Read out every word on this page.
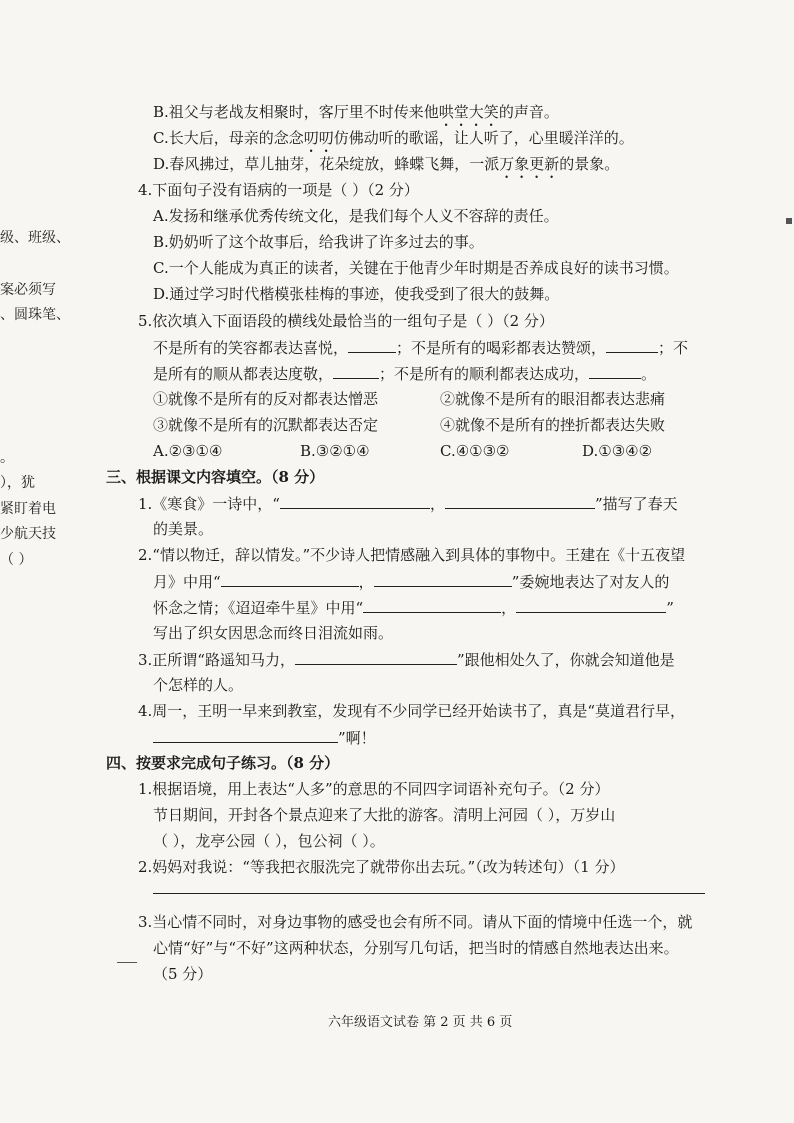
级、班级、
案必须写
、圆珠笔、
。
），犹
紧盯着电
少航天技
（ ）
B.祖父与老战友相聚时，客厅里不时传来他哄堂大笑的声音。
C.长大后，母亲的念念叨叨仿佛动听的歌谣，让人听了，心里暖洋洋的。
D.春风拂过，草儿抽芽，花朵绽放，蜂蝶飞舞，一派万象更新的景象。
4.下面句子没有语病的一项是（ ）（2 分）
A.发扬和继承优秀传统文化，是我们每个人义不容辞的责任。
B.奶奶听了这个故事后，给我讲了许多过去的事。
C.一个人能成为真正的读者，关键在于他青少年时期是否养成良好的读书习惯。
D.通过学习时代楷模张桂梅的事迹，使我受到了很大的鼓舞。
5.依次填入下面语段的横线处最恰当的一组句子是（ ）（2 分）
不是所有的笑容都表达喜悦，	；不是所有的喝彩都表达赞颂，	；不
是所有的顺从都表达度敬，	；不是所有的顺利都表达成功，	。
①就像不是所有的反对都表达憎恶	②就像不是所有的眼泪都表达悲痛
③就像不是所有的沉默都表达否定	④就像不是所有的挫折都表达失败
A.②③①④	B.③②①④	C.④①③②	D.①③④②
三、根据课文内容填空。（8 分）
1.《寒食》一诗中，“	，	”描写了春天
的美景。
2.“情以物迁，辞以情发。”不少诗人把情感融入到具体的事物中。王建在《十五夜望
月》中用“	，	”委婉地表达了对友人的
怀念之情；《迢迢牵牛星》中用“	，	”
写出了织女因思念而终日泪流如雨。
3.正所谓“路遥知马力，	”跟他相处久了，你就会知道他是
个怎样的人。
4.周一，王明一早来到教室，发现有不少同学已经开始读书了，真是“莫道君行早，
”啊！
四、按要求完成句子练习。（8 分）
1.根据语境，用上表达“人多”的意思的不同四字词语补充句子。（2 分）
节日期间，开封各个景点迎来了大批的游客。清明上河园（ ），万岁山
（ ），龙亭公园（ ），包公祠（ ）。
2.妈妈对我说：“等我把衣服洗完了就带你出去玩。”（改为转述句）（1 分）
3.当心情不同时，对身边事物的感受也会有所不同。请从下面的情境中任选一个，就
心情“好”与“不好”这两种状态，分别写几句话，把当时的情感自然地表达出来。
（5 分）
六年级语文试卷 第 2 页 共 6 页
